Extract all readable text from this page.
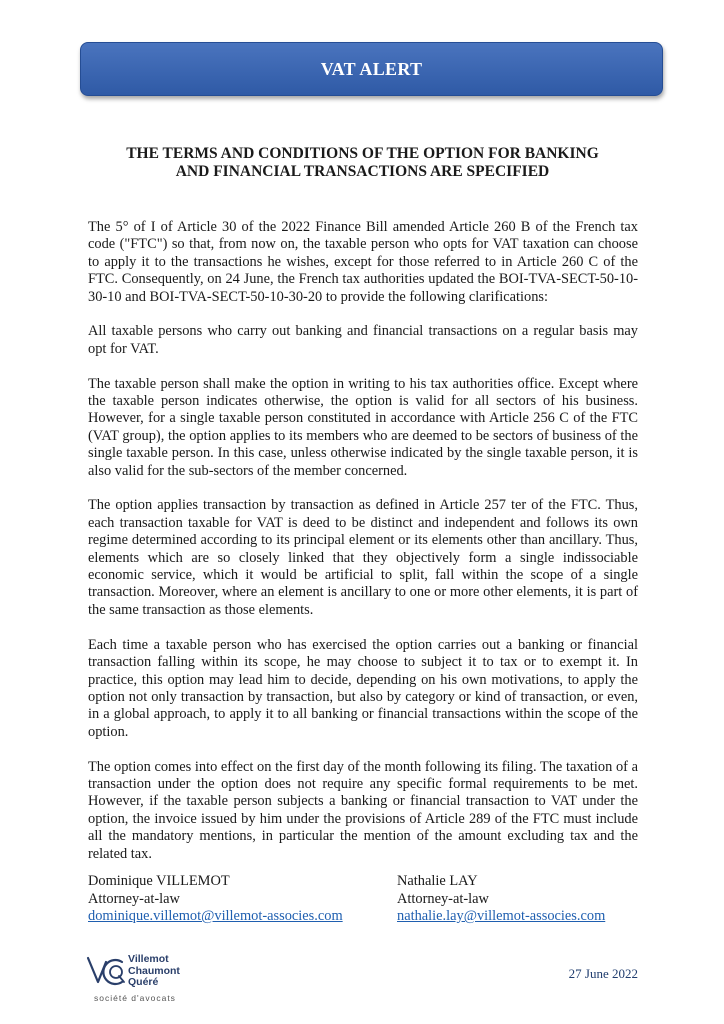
VAT ALERT
THE TERMS AND CONDITIONS OF THE OPTION FOR BANKING
AND FINANCIAL TRANSACTIONS ARE SPECIFIED

The 5° of I of Article 30 of the 2022 Finance Bill amended Article 260 B of the French tax code ("FTC") so that, from now on, the taxable person who opts for VAT taxation can choose to apply it to the transactions he wishes, except for those referred to in Article 260 C of the FTC. Consequently, on 24 June, the French tax authorities updated the BOI-TVA-SECT-50-10-30-10 and BOI-TVA-SECT-50-10-30-20 to provide the following clarifications:

All taxable persons who carry out banking and financial transactions on a regular basis may opt for VAT.

The taxable person shall make the option in writing to his tax authorities office. Except where the taxable person indicates otherwise, the option is valid for all sectors of his business. However, for a single taxable person constituted in accordance with Article 256 C of the FTC (VAT group), the option applies to its members who are deemed to be sectors of business of the single taxable person. In this case, unless otherwise indicated by the single taxable person, it is also valid for the sub-sectors of the member concerned.

The option applies transaction by transaction as defined in Article 257 ter of the FTC. Thus, each transaction taxable for VAT is deed to be distinct and independent and follows its own regime determined according to its principal element or its elements other than ancillary. Thus, elements which are so closely linked that they objectively form a single indissociable economic service, which it would be artificial to split, fall within the scope of a single transaction. Moreover, where an element is ancillary to one or more other elements, it is part of the same transaction as those elements.

Each time a taxable person who has exercised the option carries out a banking or financial transaction falling within its scope, he may choose to subject it to tax or to exempt it. In practice, this option may lead him to decide, depending on his own motivations, to apply the option not only transaction by transaction, but also by category or kind of transaction, or even, in a global approach, to apply it to all banking or financial transactions within the scope of the option.

The option comes into effect on the first day of the month following its filing. The taxation of a transaction under the option does not require any specific formal requirements to be met. However, if the taxable person subjects a banking or financial transaction to VAT under the option, the invoice issued by him under the provisions of Article 289 of the FTC must include all the mandatory mentions, in particular the mention of the amount excluding tax and the related tax.

Dominique VILLEMOT
Attorney-at-law
dominique.villemot@villemot-associes.com
Nathalie LAY
Attorney-at-law
nathalie.lay@villemot-associes.com
Villemot
Chaumont
Quéré
société d'avocats
27 June 2022
